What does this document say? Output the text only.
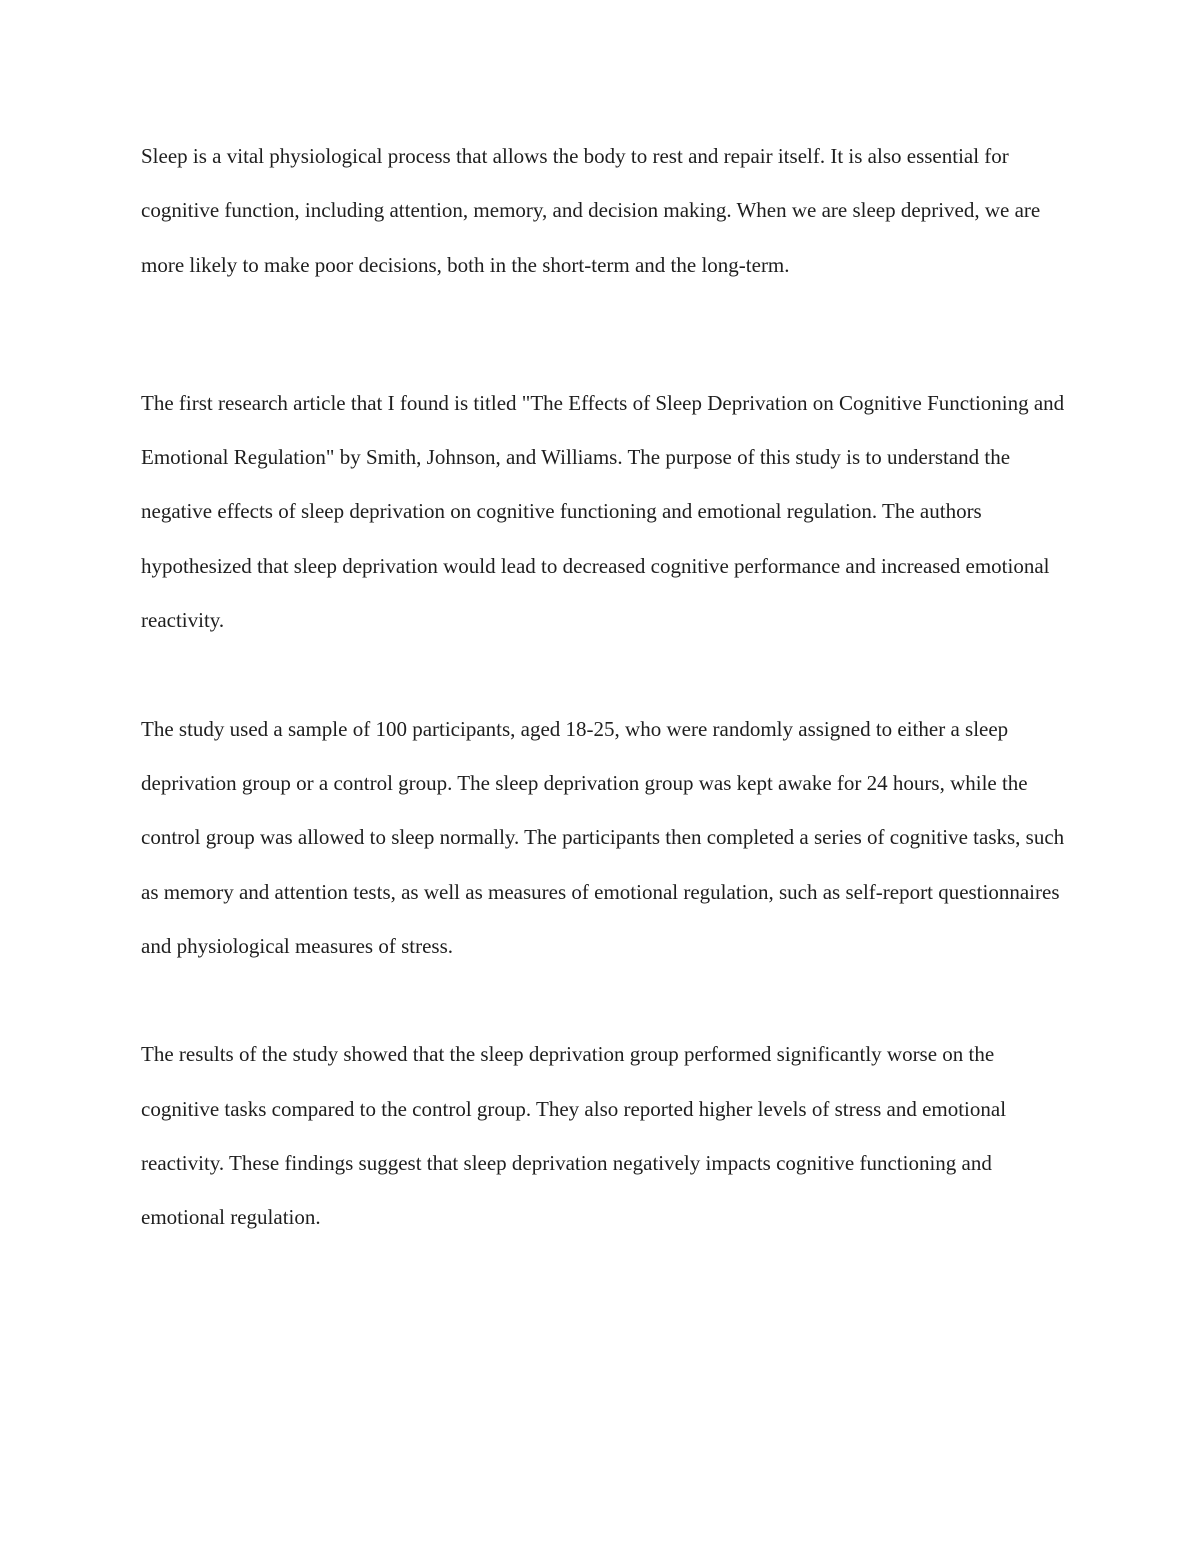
Sleep is a vital physiological process that allows the body to rest and repair itself. It is also essential for cognitive function, including attention, memory, and decision making. When we are sleep deprived, we are more likely to make poor decisions, both in the short-term and the long-term.

The first research article that I found is titled "The Effects of Sleep Deprivation on Cognitive Functioning and Emotional Regulation" by Smith, Johnson, and Williams. The purpose of this study is to understand the negative effects of sleep deprivation on cognitive functioning and emotional regulation. The authors hypothesized that sleep deprivation would lead to decreased cognitive performance and increased emotional reactivity.

The study used a sample of 100 participants, aged 18-25, who were randomly assigned to either a sleep deprivation group or a control group. The sleep deprivation group was kept awake for 24 hours, while the control group was allowed to sleep normally. The participants then completed a series of cognitive tasks, such as memory and attention tests, as well as measures of emotional regulation, such as self-report questionnaires and physiological measures of stress.

The results of the study showed that the sleep deprivation group performed significantly worse on the cognitive tasks compared to the control group. They also reported higher levels of stress and emotional reactivity. These findings suggest that sleep deprivation negatively impacts cognitive functioning and emotional regulation.
